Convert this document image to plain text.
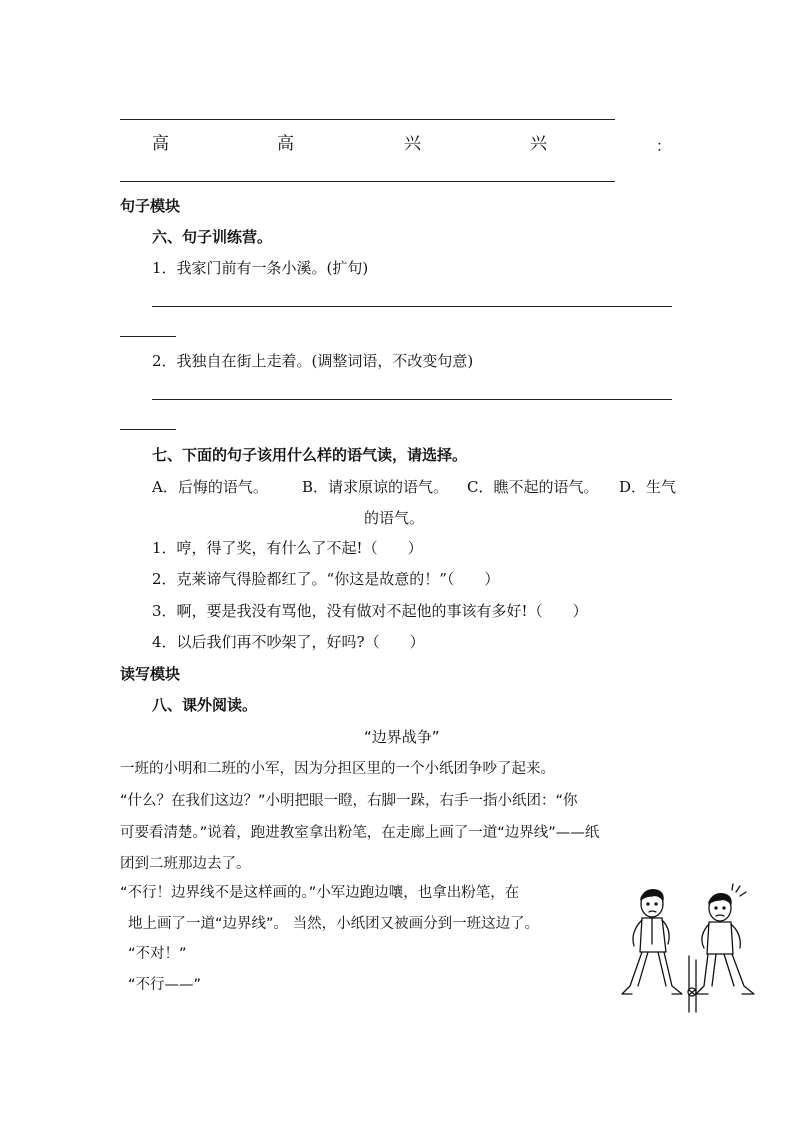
高	高	兴	兴	：
句子模块
六、句子训练营。
1．我家门前有一条小溪。(扩句)
2．我独自在街上走着。(调整词语，不改变句意)
七、下面的句子该用什么样的语气读，请选择。
A．后悔的语气。 B．请求原谅的语气。 C．瞧不起的语气。 D．生气
的语气。
1．哼，得了奖，有什么了不起!（　　）
2．克莱谛气得脸都红了。“你这是故意的！”（　　）
3．啊，要是我没有骂他，没有做对不起他的事该有多好!（　　）
4．以后我们再不吵架了，好吗?（　　）
读写模块
八、课外阅读。
“边界战争”
一班的小明和二班的小军，因为分担区里的一个小纸团争吵了起来。
“什么？在我们这边？”小明把眼一瞪，右脚一跺，右手一指小纸团：“你
可要看清楚。”说着，跑进教室拿出粉笔，在走廊上画了一道“边界线”——纸
团到二班那边去了。
“不行！边界线不是这样画的。”小军边跑边嚷，也拿出粉笔，在
地上画了一道“边界线”。 当然，小纸团又被画分到一班这边了。
“不对！”
“不行——”
